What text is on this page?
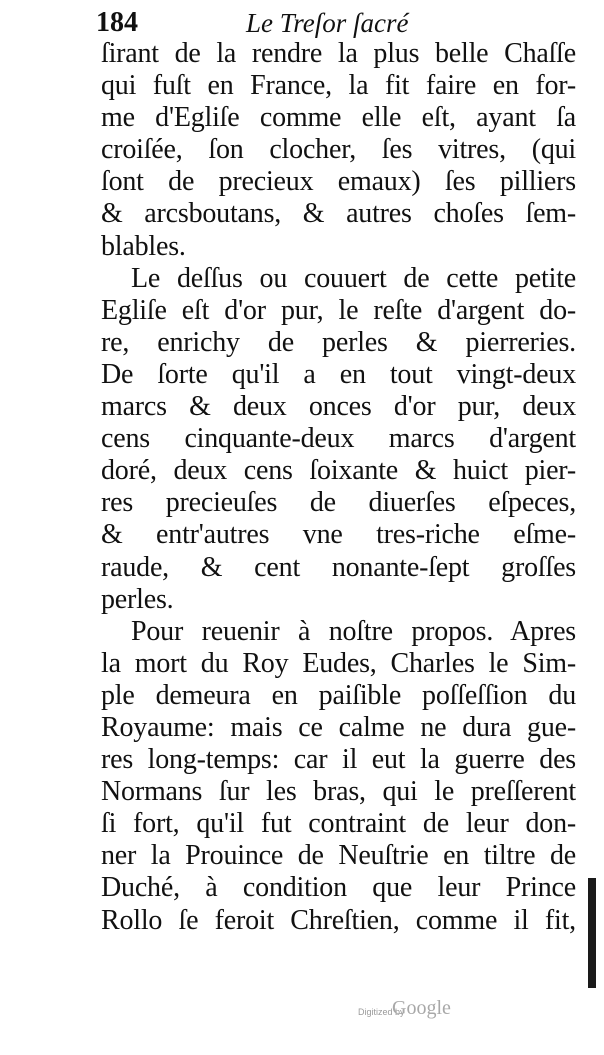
184	Le Treſor ſacré
ſirant de la rendre la plus belle Chaſſe
qui fuſt en France, la fit faire en for-
me d'Egliſe comme elle eſt, ayant ſa
croiſée, ſon clocher, ſes vitres, (qui
ſont de precieux emaux) ſes pilliers
& arcsboutans, & autres choſes ſem-
blables.
Le deſſus ou couuert de cette petite
Egliſe eſt d'or pur, le reſte d'argent do-
re, enrichy de perles & pierreries.
De ſorte qu'il a en tout vingt-deux
marcs & deux onces d'or pur, deux
cens cinquante-deux marcs d'argent
doré, deux cens ſoixante & huict pier-
res precieuſes de diuerſes eſpeces,
& entr'autres vne tres-riche eſme-
raude, & cent nonante-ſept groſſes
perles.
Pour reuenir à noſtre propos. Apres
la mort du Roy Eudes, Charles le Sim-
ple demeura en paiſible poſſeſſion du
Royaume: mais ce calme ne dura gue-
res long-temps: car il eut la guerre des
Normans ſur les bras, qui le preſſerent
ſi fort, qu'il fut contraint de leur don-
ner la Prouince de Neuſtrie en tiltre de
Duché, à condition que leur Prince
Rollo ſe feroit Chreſtien, comme il fit,
Digitized by
Google
